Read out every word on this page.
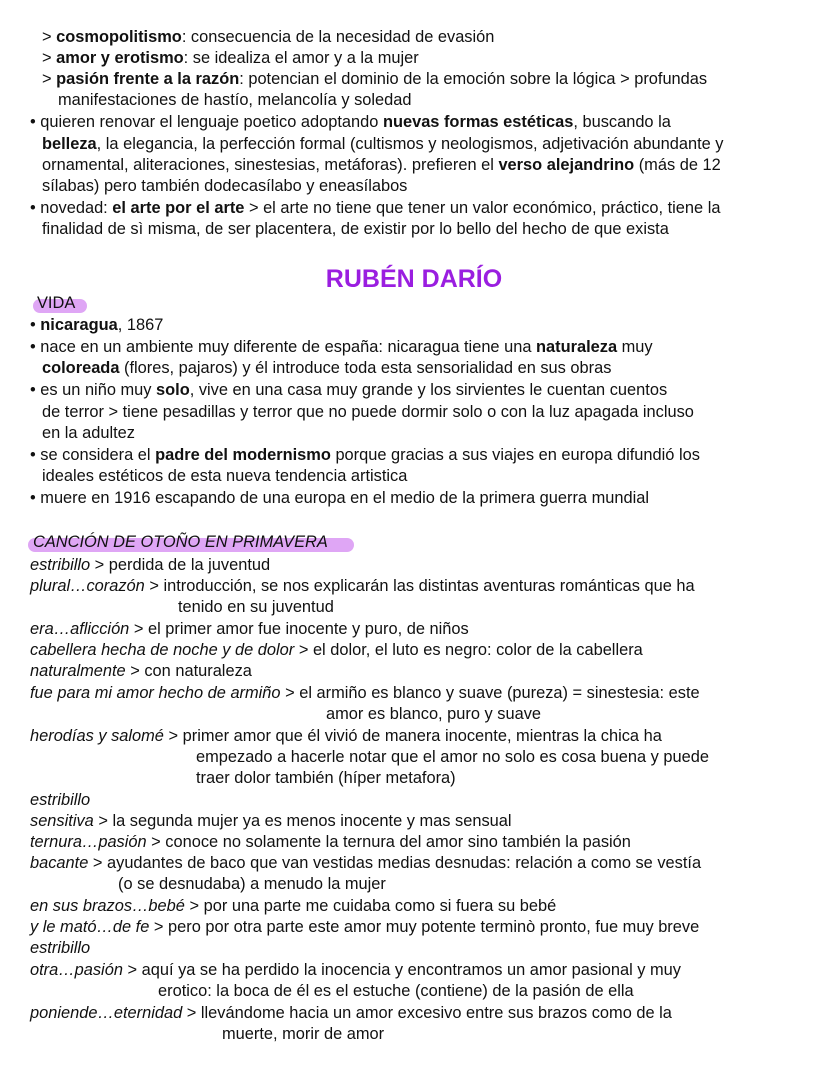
> cosmopolitismo: consecuencia de la necesidad de evasión
> amor y erotismo: se idealiza el amor y a la mujer
> pasión frente a la razón: potencian el dominio de la emoción sobre la lógica > profundas
manifestaciones de hastío, melancolía y soledad
• quieren renovar el lenguaje poetico adoptando nuevas formas estéticas, buscando la
belleza, la elegancia, la perfección formal (cultismos y neologismos, adjetivación abundante y
ornamental, aliteraciones, sinestesias, metáforas). prefieren el verso alejandrino (más de 12
sílabas) pero también dodecasílabo y eneasílabos
• novedad: el arte por el arte > el arte no tiene que tener un valor económico, práctico, tiene la
finalidad de sì misma, de ser placentera, de existir por lo bello del hecho de que exista
RUBÉN DARÍO
VIDA
• nicaragua, 1867
• nace en un ambiente muy diferente de españa: nicaragua tiene una naturaleza muy
coloreada (flores, pajaros) y él introduce toda esta sensorialidad en sus obras
• es un niño muy solo, vive en una casa muy grande y los sirvientes le cuentan cuentos
de terror > tiene pesadillas y terror que no puede dormir solo o con la luz apagada incluso
en la adultez
• se considera el padre del modernismo porque gracias a sus viajes en europa difundió los
ideales estéticos de esta nueva tendencia artistica
• muere en 1916 escapando de una europa en el medio de la primera guerra mundial
CANCIÓN DE OTOÑO EN PRIMAVERA
estribillo > perdida de la juventud
plural…corazón > introducción, se nos explicarán las distintas aventuras románticas que ha
tenido en su juventud
era…aflicción > el primer amor fue inocente y puro, de niños
cabellera hecha de noche y de dolor > el dolor, el luto es negro: color de la cabellera
naturalmente > con naturaleza
fue para mi amor hecho de armiño > el armiño es blanco y suave (pureza) = sinestesia: este
amor es blanco, puro y suave
herodías y salomé > primer amor que él vivió de manera inocente, mientras la chica ha
empezado a hacerle notar que el amor no solo es cosa buena y puede
traer dolor también (híper metafora)
estribillo
sensitiva > la segunda mujer ya es menos inocente y mas sensual
ternura…pasión > conoce no solamente la ternura del amor sino también la pasión
bacante > ayudantes de baco que van vestidas medias desnudas: relación a como se vestía
(o se desnudaba) a menudo la mujer
en sus brazos…bebé > por una parte me cuidaba como si fuera su bebé
y le mató…de fe > pero por otra parte este amor muy potente terminò pronto, fue muy breve
estribillo
otra…pasión > aquí ya se ha perdido la inocencia y encontramos un amor pasional y muy
erotico: la boca de él es el estuche (contiene) de la pasión de ella
poniende…eternidad > llevándome hacia un amor excesivo entre sus brazos como de la
muerte, morir de amor
